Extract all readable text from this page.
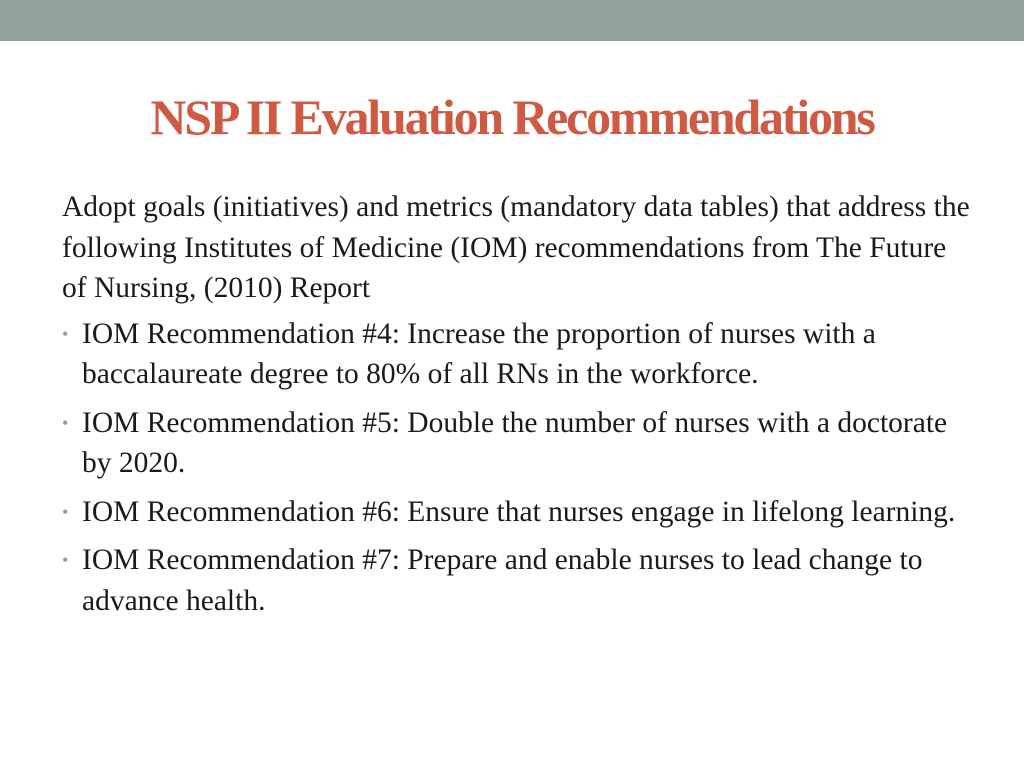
NSP II Evaluation Recommendations

Adopt goals (initiatives) and metrics (mandatory data tables) that address the following Institutes of Medicine (IOM) recommendations from The Future of Nursing, (2010) Report

• IOM Recommendation #4: Increase the proportion of nurses with a baccalaureate degree to 80% of all RNs in the workforce.
• IOM Recommendation #5: Double the number of nurses with a doctorate by 2020.
• IOM Recommendation #6: Ensure that nurses engage in lifelong learning.
• IOM Recommendation #7: Prepare and enable nurses to lead change to advance health.
